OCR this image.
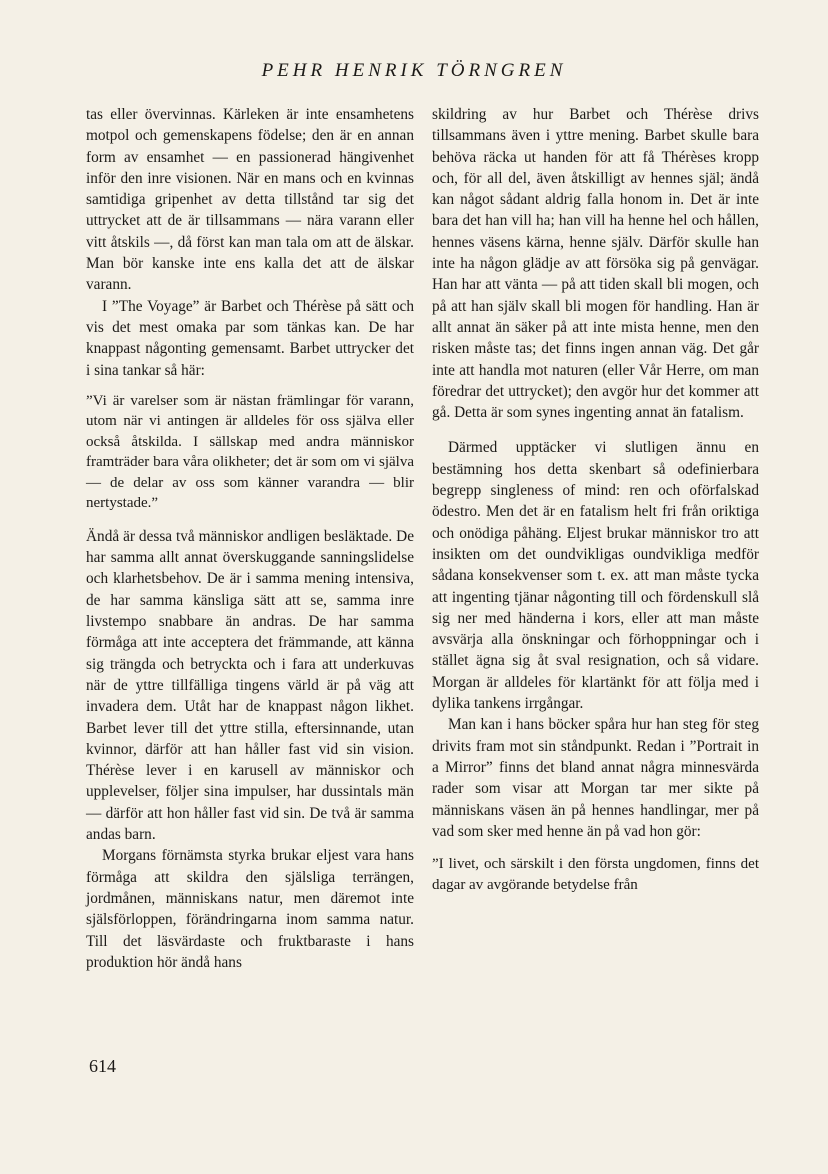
PEHR HENRIK TÖRNGREN

tas eller övervinnas. Kärleken är inte ensamhetens motpol och gemenskapens födelse; den är en annan form av ensamhet — en passionerad hängivenhet inför den inre visionen. När en mans och en kvinnas samtidiga gripenhet av detta tillstånd tar sig det uttrycket att de är tillsammans — nära varann eller vitt åtskils —, då först kan man tala om att de älskar. Man bör kanske inte ens kalla det att de älskar varann.

I ”The Voyage” är Barbet och Thérèse på sätt och vis det mest omaka par som tänkas kan. De har knappast någonting gemensamt. Barbet uttrycker det i sina tankar så här:

”Vi är varelser som är nästan främlingar för varann, utom när vi antingen är alldeles för oss själva eller också åtskilda. I sällskap med andra människor framträder bara våra olikheter; det är som om vi själva — de delar av oss som känner varandra — blir nertystade.”

Ändå är dessa två människor andligen besläktade. De har samma allt annat överskuggande sanningslidelse och klarhetsbehov. De är i samma mening intensiva, de har samma känsliga sätt att se, samma inre livstempo snabbare än andras. De har samma förmåga att inte acceptera det främmande, att känna sig trängda och betryckta och i fara att underkuvas när de yttre tillfälliga tingens värld är på väg att invadera dem. Utåt har de knappast någon likhet. Barbet lever till det yttre stilla, eftersinnande, utan kvinnor, därför att han håller fast vid sin vision. Thérèse lever i en karusell av människor och upplevelser, följer sina impulser, har dussintals män — därför att hon håller fast vid sin. De två är samma andas barn.

Morgans förnämsta styrka brukar eljest vara hans förmåga att skildra den själsliga terrängen, jordmånen, människans natur, men däremot inte själsförloppen, förändringarna inom samma natur. Till det läsvärdaste och fruktbaraste i hans produktion hör ändå hans

skildring av hur Barbet och Thérèse drivs tillsammans även i yttre mening. Barbet skulle bara behöva räcka ut handen för att få Thérèses kropp och, för all del, även åtskilligt av hennes själ; ändå kan något sådant aldrig falla honom in. Det är inte bara det han vill ha; han vill ha henne hel och hållen, hennes väsens kärna, henne själv. Därför skulle han inte ha någon glädje av att försöka sig på genvägar. Han har att vänta — på att tiden skall bli mogen, och på att han själv skall bli mogen för handling. Han är allt annat än säker på att inte mista henne, men den risken måste tas; det finns ingen annan väg. Det går inte att handla mot naturen (eller Vår Herre, om man föredrar det uttrycket); den avgör hur det kommer att gå. Detta är som synes ingenting annat än fatalism.

Därmed upptäcker vi slutligen ännu en bestämning hos detta skenbart så odefinierbara begrepp singleness of mind: ren och oförfalskad ödestro. Men det är en fatalism helt fri från oriktiga och onödiga påhäng. Eljest brukar människor tro att insikten om det oundvikligas oundvikliga medför sådana konsekvenser som t. ex. att man måste tycka att ingenting tjänar någonting till och fördenskull slå sig ner med händerna i kors, eller att man måste avsvärja alla önskningar och förhoppningar och i stället ägna sig åt sval resignation, och så vidare. Morgan är alldeles för klartänkt för att följa med i dylika tankens irrgångar.

Man kan i hans böcker spåra hur han steg för steg drivits fram mot sin ståndpunkt. Redan i ”Portrait in a Mirror” finns det bland annat några minnesvärda rader som visar att Morgan tar mer sikte på människans väsen än på hennes handlingar, mer på vad som sker med henne än på vad hon gör:

”I livet, och särskilt i den första ungdomen, finns det dagar av avgörande betydelse från
614
